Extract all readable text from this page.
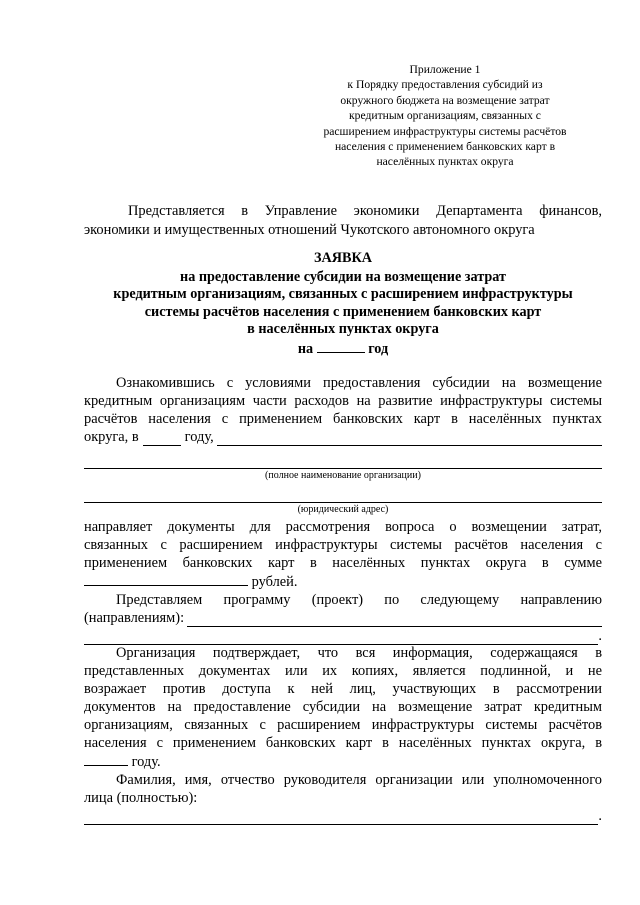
Приложение 1
к Порядку предоставления субсидий из
окружного бюджета на возмещение затрат
кредитным организациям, связанных с
расширением инфраструктуры системы расчётов
населения с применением банковских карт в
населённых пунктах округа
Представляется в Управление экономики Департамента финансов,
экономики и имущественных отношений Чукотского автономного округа
ЗАЯВКА
на предоставление субсидии на возмещение затрат
кредитным организациям, связанных с расширением инфраструктуры
системы расчётов населения с применением банковских карт
в населённых пунктах округа
на	год
Ознакомившись с условиями предоставления субсидии на возмещение
кредитным организациям части расходов на развитие инфраструктуры системы
расчётов населения с применением банковских карт в населённых пунктах
округа, в	году,
(полное наименование организации)
(юридический адрес)
направляет документы для рассмотрения вопроса о возмещении затрат,
связанных с расширением инфраструктуры системы расчётов населения с
применением банковских карт в населённых пунктах округа в сумме
рублей.
Представляем программу (проект) по следующему направлению
(направлениям):
.
Организация подтверждает, что вся информация, содержащаяся в
представленных документах или их копиях, является подлинной, и не
возражает против доступа к ней лиц, участвующих в рассмотрении
документов на предоставление субсидии на возмещение затрат кредитным
организациям, связанных с расширением инфраструктуры системы расчётов
населения с применением банковских карт в населённых пунктах округа, в
году.
Фамилия, имя, отчество руководителя организации или уполномоченного
лица (полностью):
.
